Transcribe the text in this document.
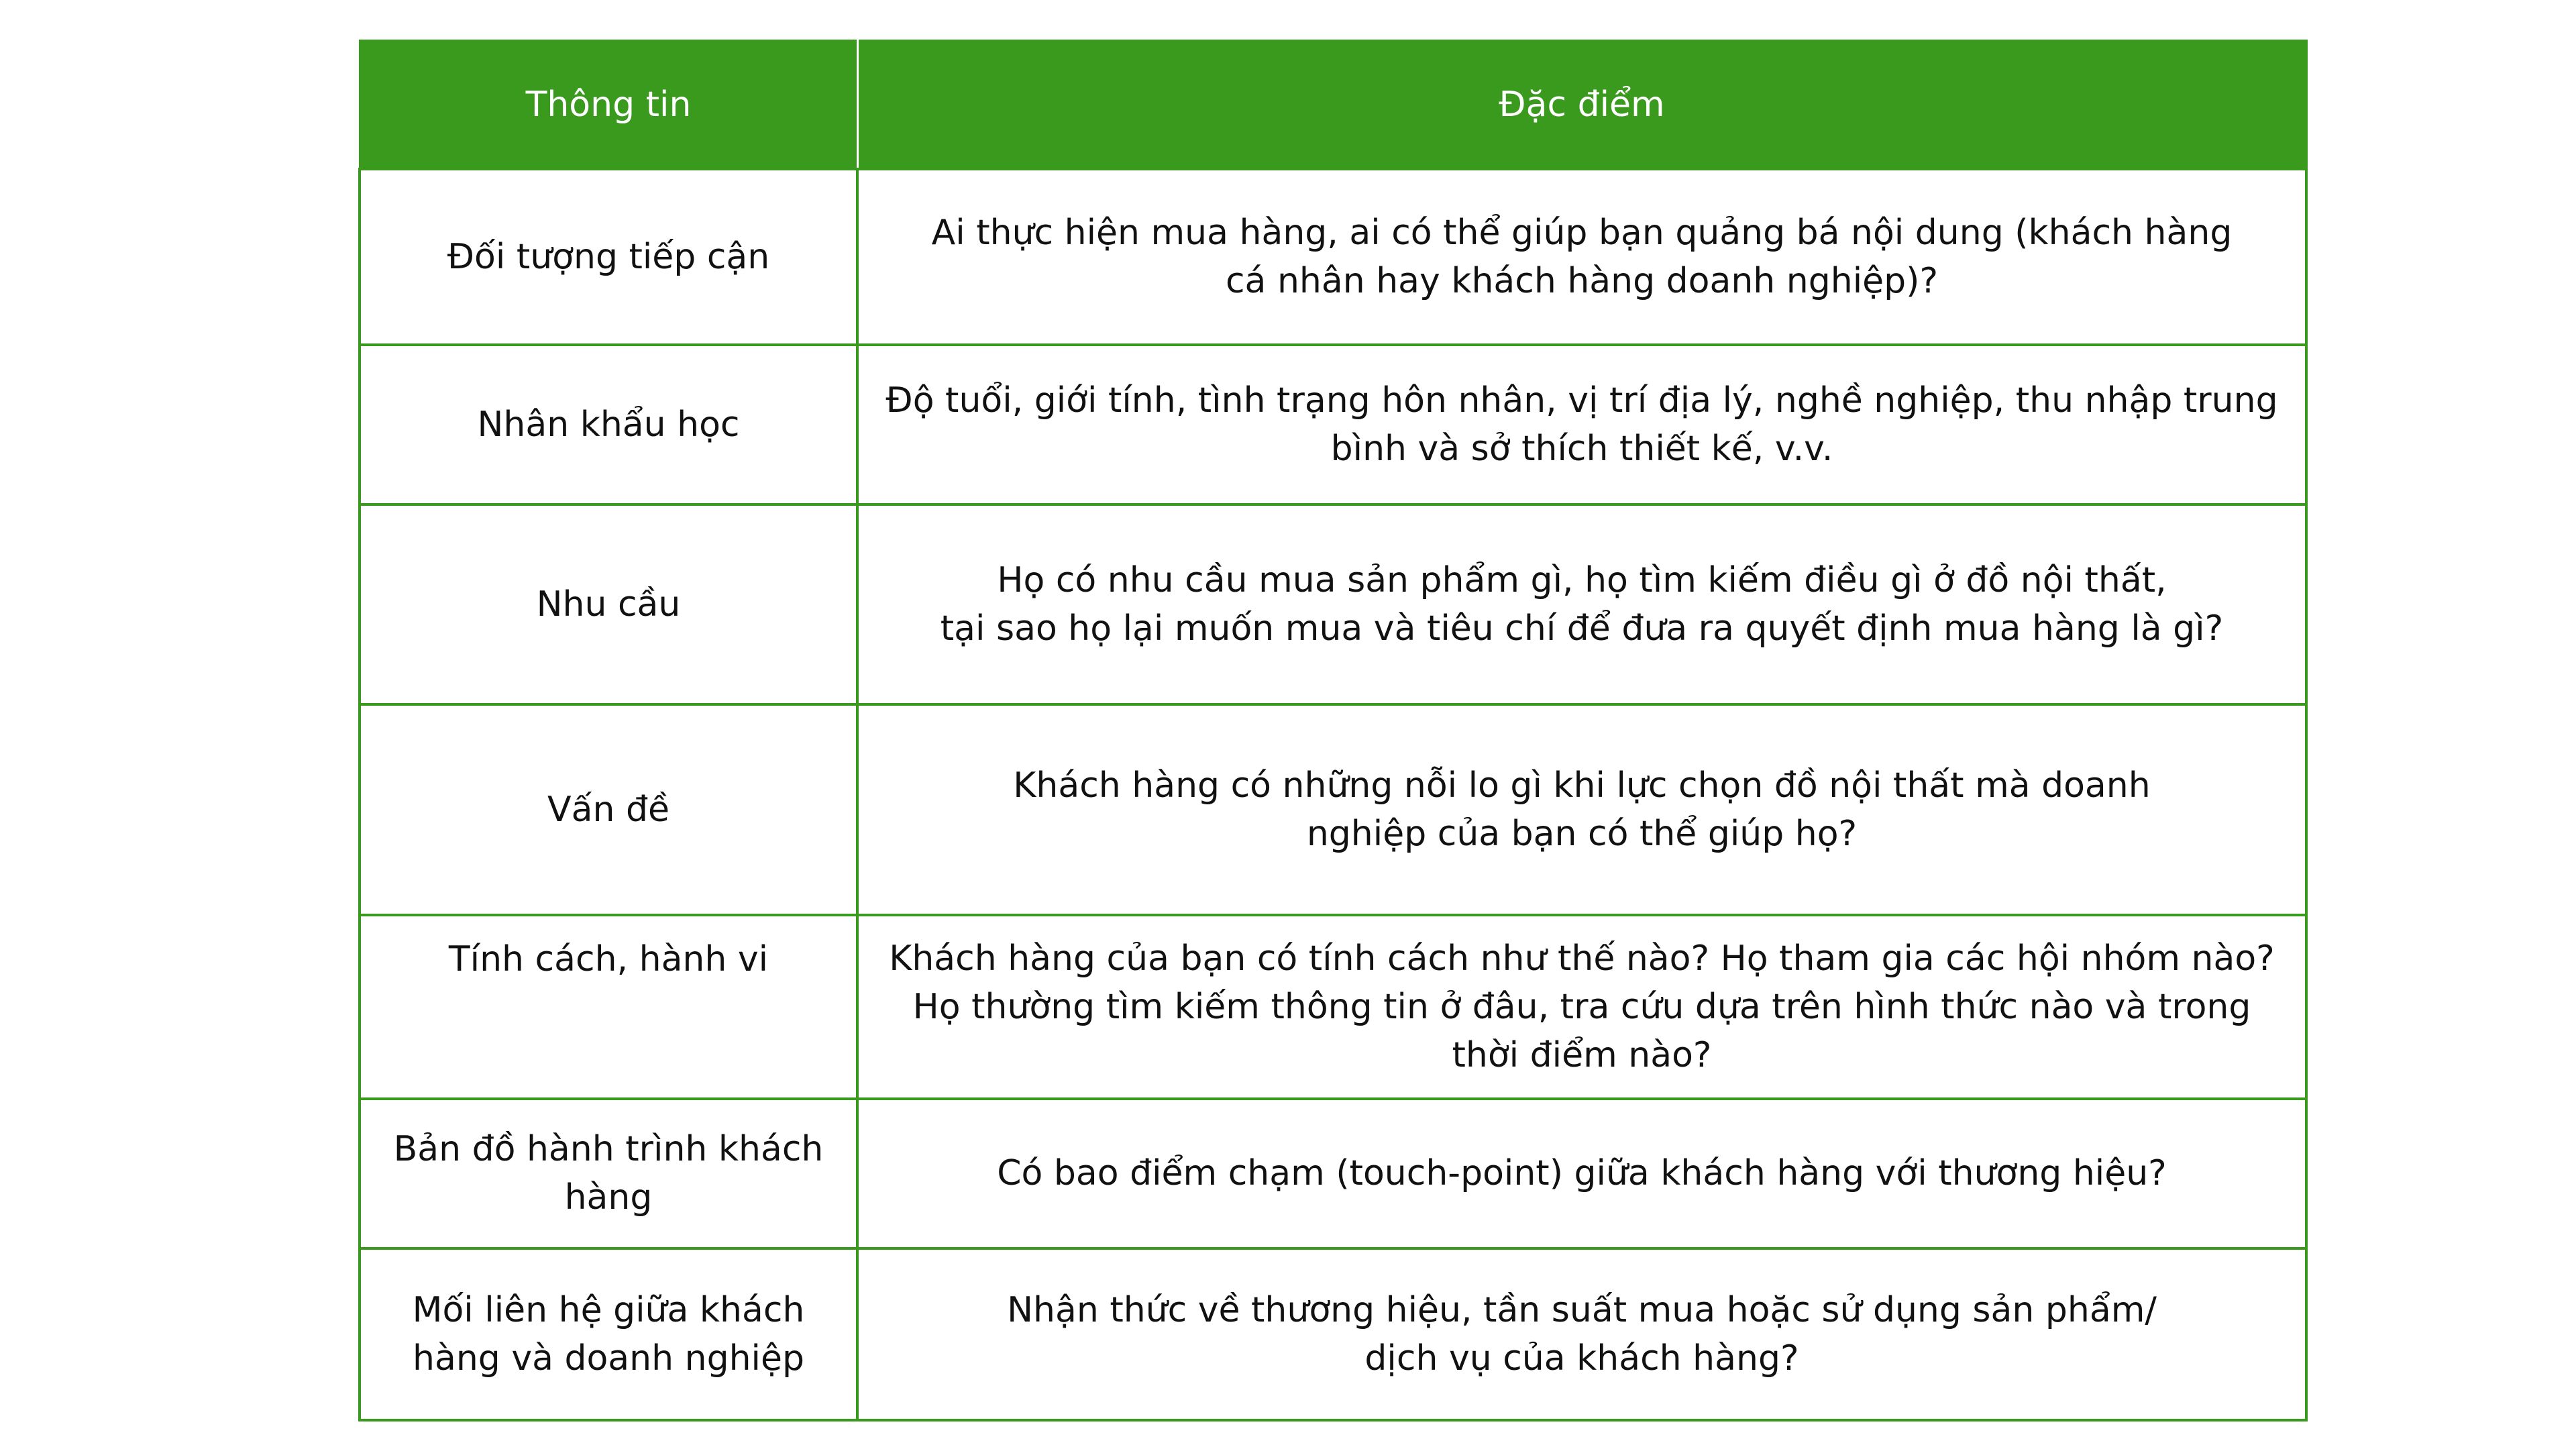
Thông tin	Đặc điểm
Đối tượng tiếp cận	Ai thực hiện mua hàng, ai có thể giúp bạn quảng bá nội dung (khách hàng
cá nhân hay khách hàng doanh nghiệp)?

Nhân khẩu học	Độ tuổi, giới tính, tình trạng hôn nhân, vị trí địa lý, nghề nghiệp, thu nhập trung
bình và sở thích thiết kế, v.v.

Nhu cầu	Họ có nhu cầu mua sản phẩm gì, họ tìm kiếm điều gì ở đồ nội thất,
tại sao họ lại muốn mua và tiêu chí để đưa ra quyết định mua hàng là gì?

Vấn đề	Khách hàng có những nỗi lo gì khi lực chọn đồ nội thất mà doanh
nghiệp của bạn có thể giúp họ?

Tính cách, hành vi	Khách hàng của bạn có tính cách như thế nào? Họ tham gia các hội nhóm nào?
Họ thường tìm kiếm thông tin ở đâu, tra cứu dựa trên hình thức nào và trong
thời điểm nào?

Bản đồ hành trình khách
hàng	Có bao điểm chạm (touch-point) giữa khách hàng với thương hiệu?

Mối liên hệ giữa khách
hàng và doanh nghiệp	Nhận thức về thương hiệu, tần suất mua hoặc sử dụng sản phẩm/
dịch vụ của khách hàng?
